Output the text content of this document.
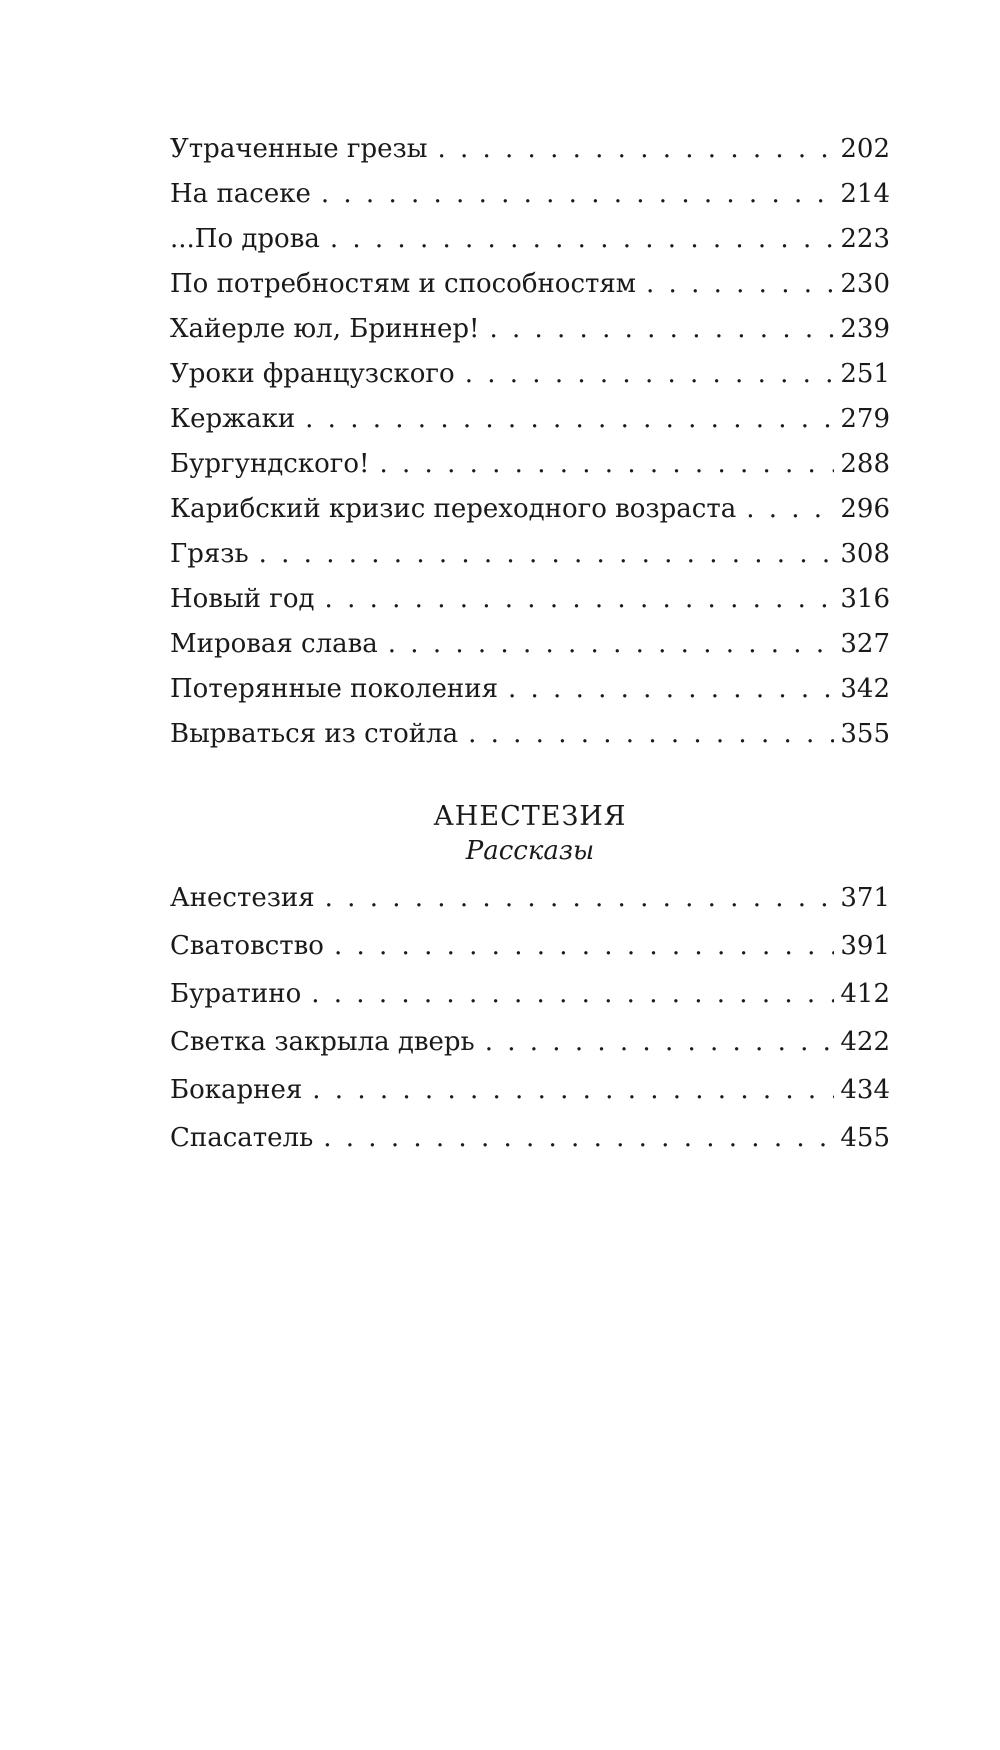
Утраченные грезы . . .	202
На пасеке . . .	214
...По дрова . . .	223
По потребностям и способностям . . .	230
Хайерле юл, Бриннер! . . .	239
Уроки французского . . .	251
Кержаки . . .	279
Бургундского! . . .	288
Карибский кризис переходного возраста . . .	296
Грязь . . .	308
Новый год . . .	316
Мировая слава . . .	327
Потерянные поколения . . .	342
Вырваться из стойла . . .	355
АНЕСТЕЗИЯ
Рассказы
Анестезия . . .	371
Сватовство . . .	391
Буратино . . .	412
Светка закрыла дверь . . .	422
Бокарнея . . .	434
Спасатель . . .	455
